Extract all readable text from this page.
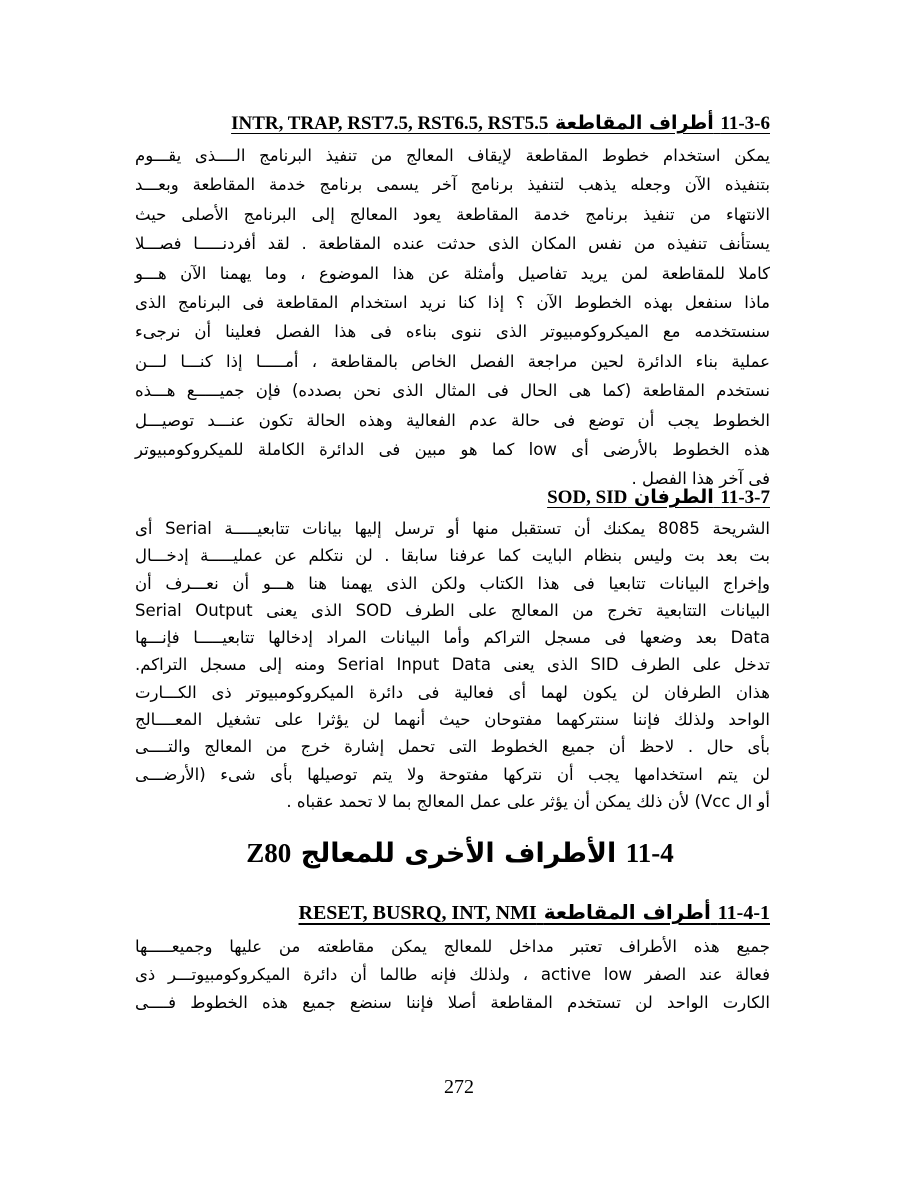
11-3-6 أطراف المقاطعة INTR, TRAP, RST7.5, RST6.5, RST5.5
يمكن استخدام خطوط المقاطعة لإيقاف المعالج من تنفيذ البرنامج الــــذى يقـــوم
بتنفيذه الآن وجعله يذهب لتنفيذ برنامج آخر يسمى برنامج خدمة المقاطعة وبعـــد
الانتهاء من تنفيذ برنامج خدمة المقاطعة يعود المعالج إلى البرنامج الأصلى حيث
يستأنف تنفيذه من نفس المكان الذى حدثت عنده المقاطعة . لقد أفردنـــــا فصـــلا
كاملا للمقاطعة لمن يريد تفاصيل وأمثلة عن هذا الموضوع ، وما يهمنا الآن هـــو
ماذا سنفعل بهذه الخطوط الآن ؟ إذا كنا نريد استخدام المقاطعة فى البرنامج الذى
سنستخدمه مع الميكروكومبيوتر الذى ننوى بناءه فى هذا الفصل فعلينا أن نرجىء
عملية بناء الدائرة لحين مراجعة الفصل الخاص بالمقاطعة ، أمـــــا إذا كنـــا لـــن
نستخدم المقاطعة (كما هى الحال فى المثال الذى نحن بصدده) فإن جميـــــع هـــذه
الخطوط يجب أن توضع فى حالة عدم الفعالية وهذه الحالة تكون عنـــد توصيـــل
هذه الخطوط بالأرضى أى low كما هو مبين فى الدائرة الكاملة للميكروكومبيوتر
فى آخر هذا الفصل .
11-3-7 الطرفان SOD, SID
الشريحة 8085 يمكنك أن تستقبل منها أو ترسل إليها بيانات تتابعيـــــة Serial أى
بت بعد بت وليس بنظام البايت كما عرفنا سابقا . لن نتكلم عن عمليـــــة إدخـــال
وإخراج البيانات تتابعيا فى هذا الكتاب ولكن الذى يهمنا هنا هـــو أن نعـــرف أن
البيانات التتابعية تخرج من المعالج على الطرف SOD الذى يعنى Serial Output
Data بعد وضعها فى مسجل التراكم وأما البيانات المراد إدخالها تتابعيـــــا فإنـــها
تدخل على الطرف SID الذى يعنى Serial Input Data ومنه إلى مسجل التراكم.
هذان الطرفان لن يكون لهما أى فعالية فى دائرة الميكروكومبيوتر ذى الكـــارت
الواحد ولذلك فإننا سنتركهما مفتوحان حيث أنهما لن يؤثرا على تشغيل المعــــالج
بأى حال . لاحظ أن جميع الخطوط التى تحمل إشارة خرج من المعالج والتــــى
لن يتم استخدامها يجب أن نتركها مفتوحة ولا يتم توصيلها بأى شىء (الأرضـــى
أو ال Vcc) لأن ذلك يمكن أن يؤثر على عمل المعالج بما لا تحمد عقباه .
11-4 الأطراف الأخرى للمعالج Z80
11-4-1 أطراف المقاطعة RESET, BUSRQ, INT, NMI
جميع هذه الأطراف تعتبر مداخل للمعالج يمكن مقاطعته من عليها وجميعـــــها
فعالة عند الصفر active low ، ولذلك فإنه طالما أن دائرة الميكروكومبيوتـــر ذى
الكارت الواحد لن تستخدم المقاطعة أصلا فإننا سنضع جميع هذه الخطوط فــــى
272
